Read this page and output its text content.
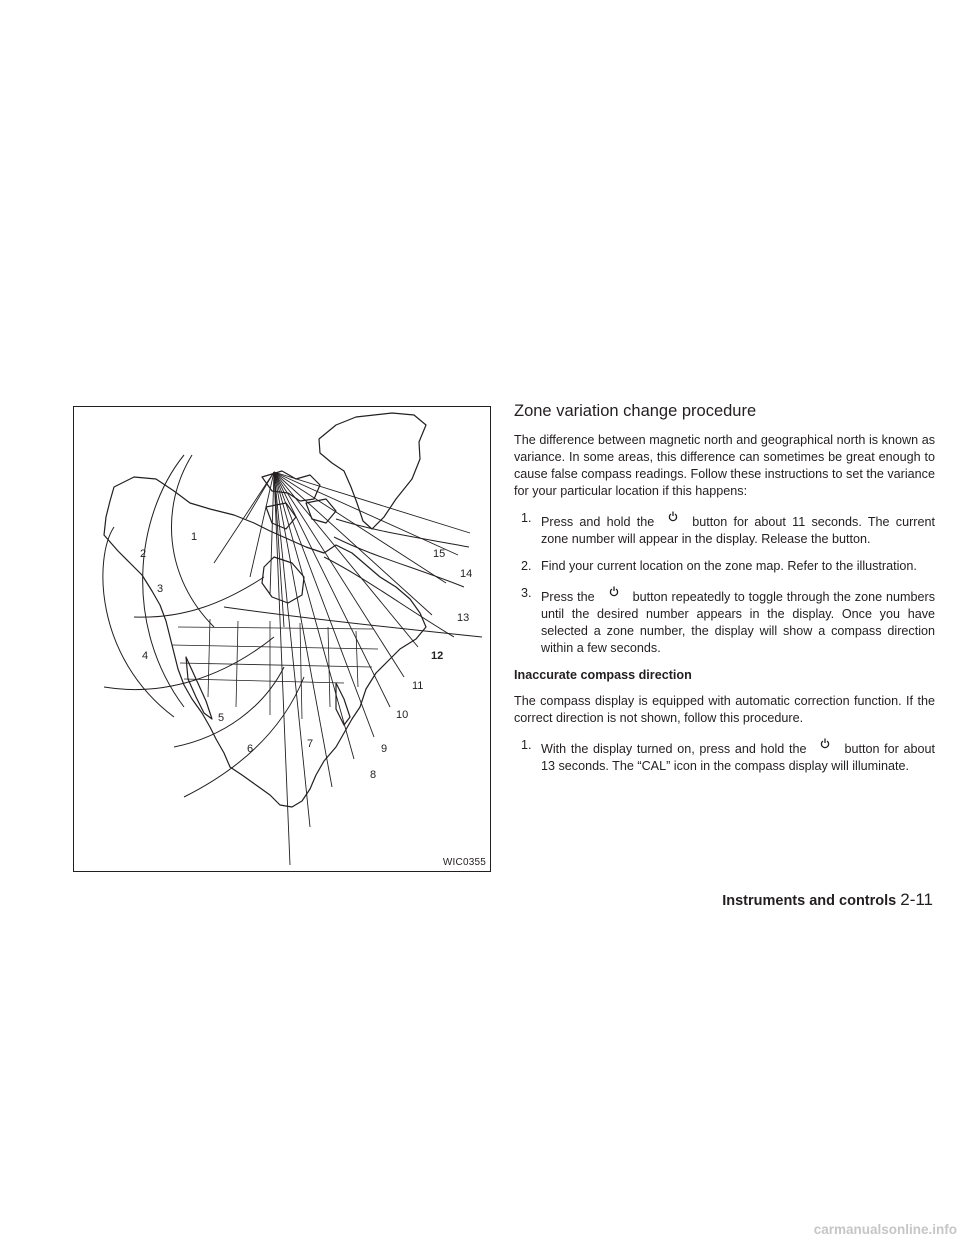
1
2
3
4
5
6	7
8
9
10
11
12
13
14
15
WIC0355
Zone variation change procedure

The difference between magnetic north and geographical north is known as variance. In some areas, this difference can sometimes be great enough to cause false compass readings. Follow these instructions to set the variance for your particular location if this happens:

1. Press and hold the	button for about 11 seconds. The current zone number will appear in the display. Release the button.
2. Find your current location on the zone map. Refer to the illustration.
3. Press the	button repeatedly to toggle through the zone numbers until the desired number appears in the display. Once you have selected a zone number, the display will show a compass direction within a few seconds.
Inaccurate compass direction

The compass display is equipped with automatic correction function. If the correct direction is not shown, follow this procedure.

1. With the display turned on, press and hold the	button for about 13 seconds. The “CAL” icon in the compass display will illuminate.
Instruments and controls 2-11
carmanualsonline.info
